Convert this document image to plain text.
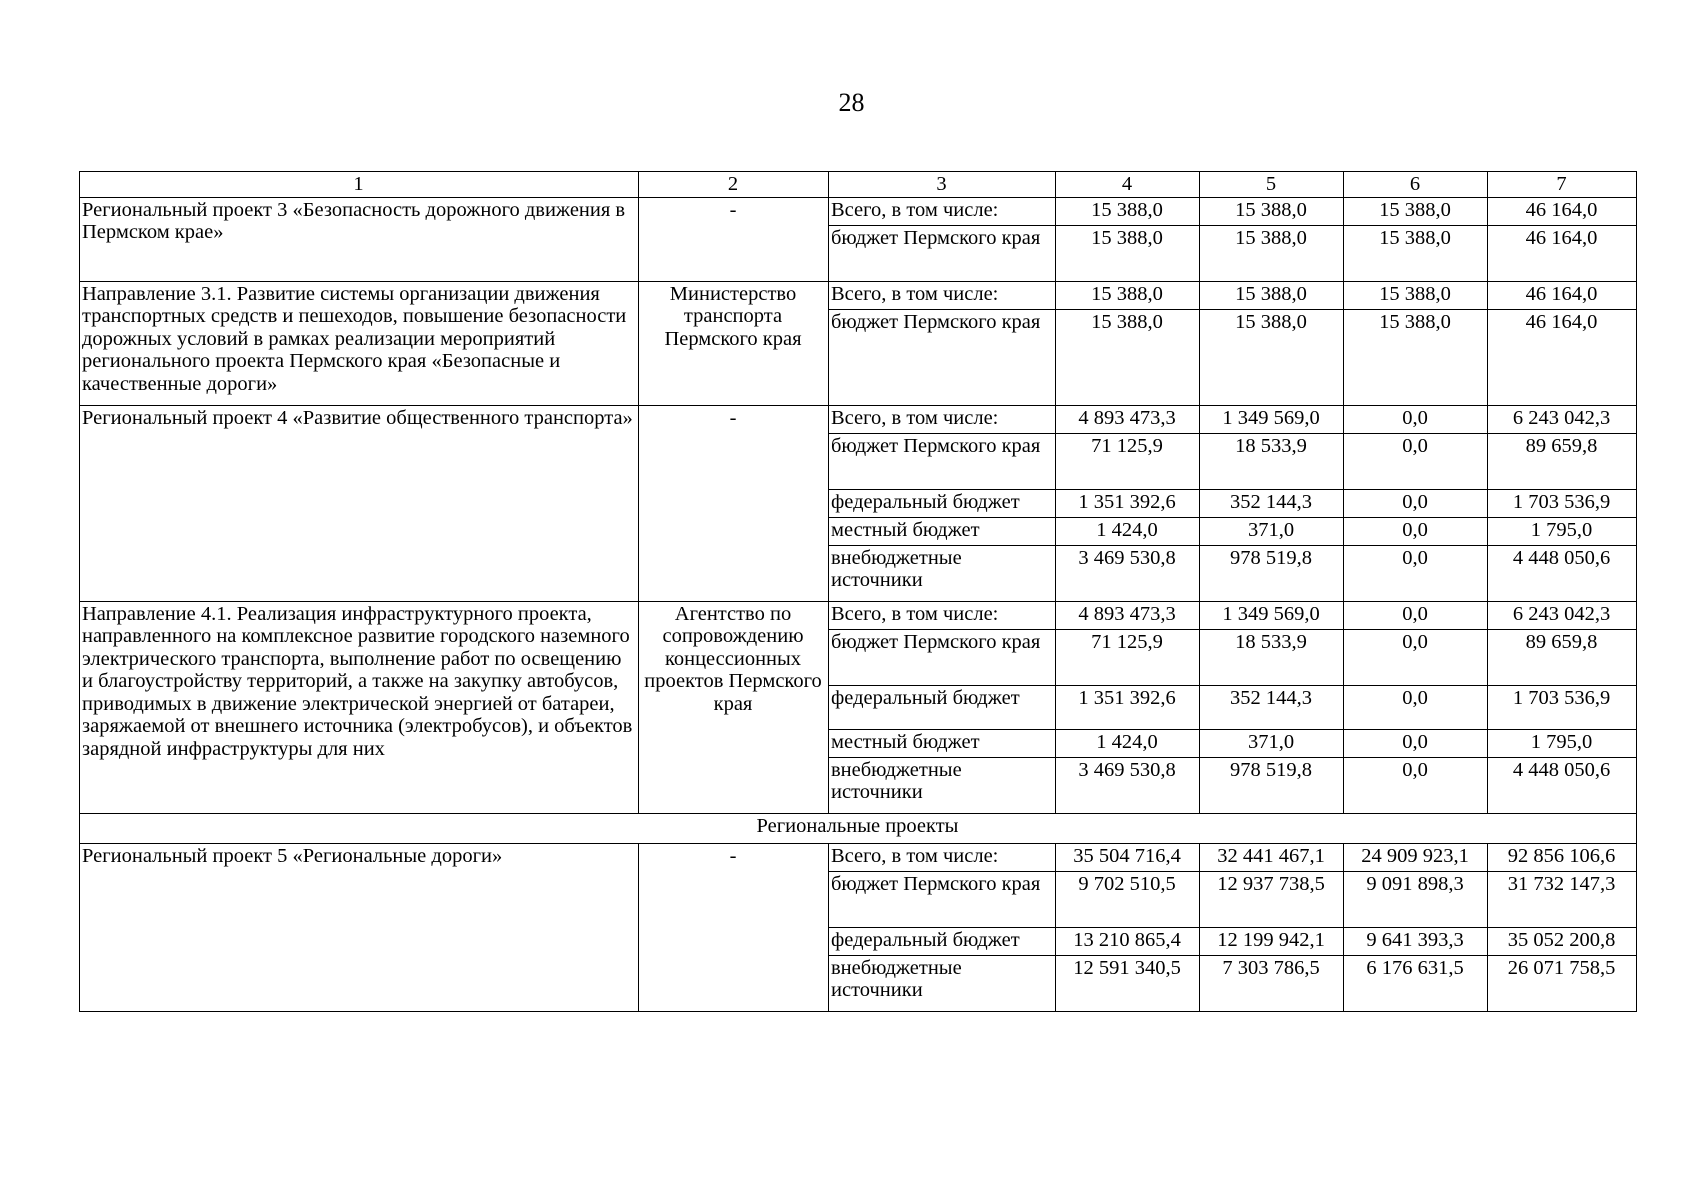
28
1	2	3	4	5	6	7
Региональный проект 3 «Безопасность дорожного движения в Пермском крае»	-	Всего, в том числе:	15 388,0	15 388,0	15 388,0	46 164,0
		бюджет Пермского края	15 388,0	15 388,0	15 388,0	46 164,0
Направление 3.1. Развитие системы организации движения транспортных средств и пешеходов, повышение безопасности дорожных условий в рамках реализации мероприятий регионального проекта Пермского края «Безопасные и качественные дороги»	Министерство транспорта Пермского края	Всего, в том числе:	15 388,0	15 388,0	15 388,0	46 164,0
		бюджет Пермского края	15 388,0	15 388,0	15 388,0	46 164,0
Региональный проект 4 «Развитие общественного транспорта»	-	Всего, в том числе:	4 893 473,3	1 349 569,0	0,0	6 243 042,3
		бюджет Пермского края	71 125,9	18 533,9	0,0	89 659,8
		федеральный бюджет	1 351 392,6	352 144,3	0,0	1 703 536,9
		местный бюджет	1 424,0	371,0	0,0	1 795,0
		внебюджетные источники	3 469 530,8	978 519,8	0,0	4 448 050,6
Направление 4.1. Реализация инфраструктурного проекта, направленного на комплексное развитие городского наземного электрического транспорта, выполнение работ по освещению и благоустройству территорий, а также на закупку автобусов, приводимых в движение электрической энергией от батареи, заряжаемой от внешнего источника (электробусов), и объектов зарядной инфраструктуры для них	Агентство по сопровождению концессионных проектов Пермского края	Всего, в том числе:	4 893 473,3	1 349 569,0	0,0	6 243 042,3
		бюджет Пермского края	71 125,9	18 533,9	0,0	89 659,8
		федеральный бюджет	1 351 392,6	352 144,3	0,0	1 703 536,9
		местный бюджет	1 424,0	371,0	0,0	1 795,0
		внебюджетные источники	3 469 530,8	978 519,8	0,0	4 448 050,6
Региональные проекты						
Региональный проект 5 «Региональные дороги»	-	Всего, в том числе:	35 504 716,4	32 441 467,1	24 909 923,1	92 856 106,6
		бюджет Пермского края	9 702 510,5	12 937 738,5	9 091 898,3	31 732 147,3
		федеральный бюджет	13 210 865,4	12 199 942,1	9 641 393,3	35 052 200,8
		внебюджетные источники	12 591 340,5	7 303 786,5	6 176 631,5	26 071 758,5
